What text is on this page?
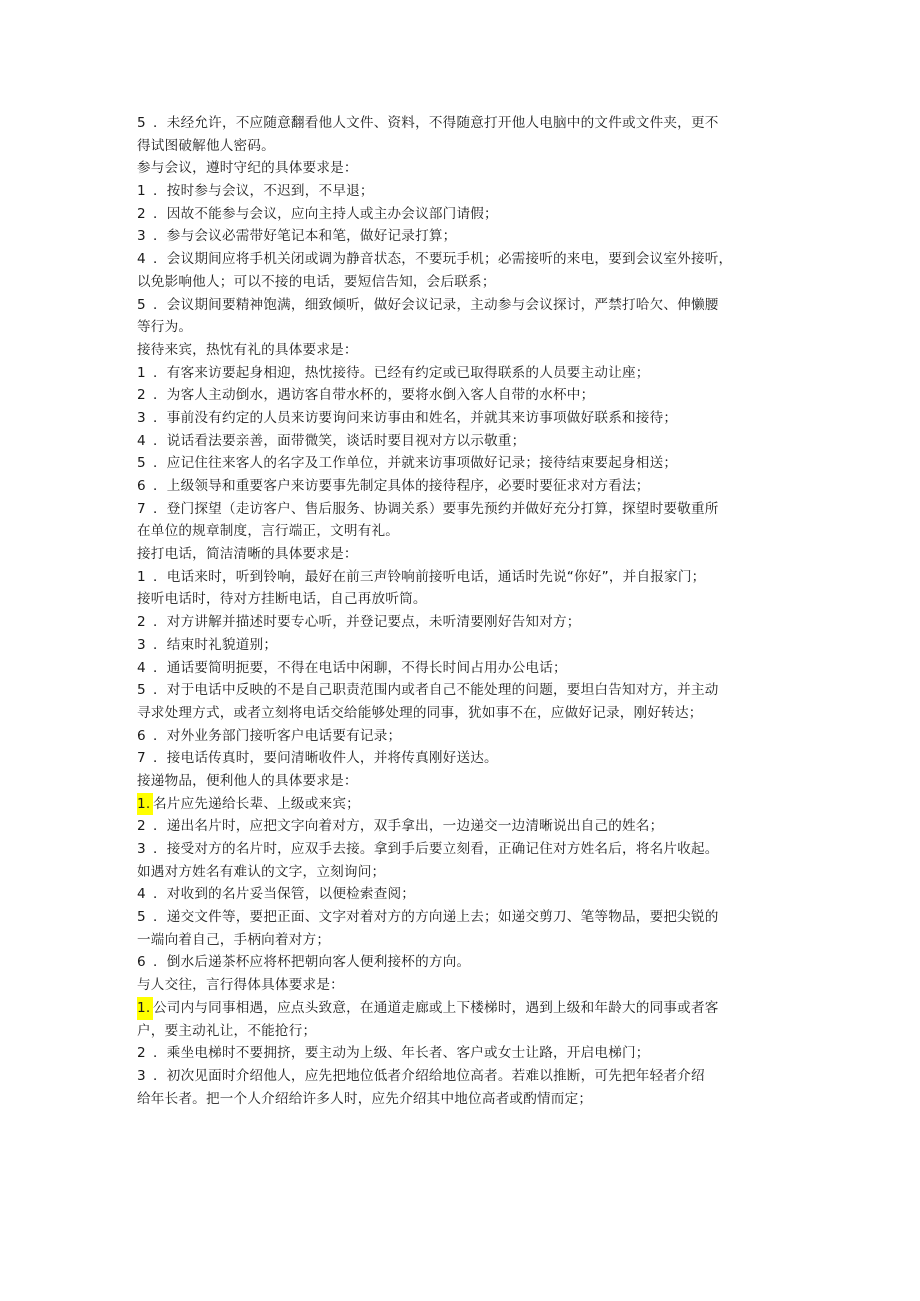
5 ．未经允许，不应随意翻看他人文件、资料，不得随意打开他人电脑中的文件或文件夹，更不
得试图破解他人密码。
参与会议，遵时守纪的具体要求是：
1 ．按时参与会议，不迟到，不早退；
2 ．因故不能参与会议，应向主持人或主办会议部门请假；
3 ．参与会议必需带好笔记本和笔，做好记录打算；
4 ．会议期间应将手机关闭或调为静音状态，不要玩手机；必需接听的来电，要到会议室外接听，
以免影响他人；可以不接的电话，要短信告知，会后联系；
5 ．会议期间要精神饱满，细致倾听，做好会议记录，主动参与会议探讨，严禁打哈欠、伸懒腰
等行为。
接待来宾，热忱有礼的具体要求是：
1 ．有客来访要起身相迎，热忱接待。已经有约定或已取得联系的人员要主动让座；
2 ．为客人主动倒水，遇访客自带水杯的，要将水倒入客人自带的水杯中；
3 ．事前没有约定的人员来访要询问来访事由和姓名，并就其来访事项做好联系和接待；
4 ．说话看法要亲善，面带微笑，谈话时要目视对方以示敬重；
5 ．应记住往来客人的名字及工作单位，并就来访事项做好记录；接待结束要起身相送；
6 ．上级领导和重要客户来访要事先制定具体的接待程序，必要时要征求对方看法；
7 ．登门探望（走访客户、售后服务、协调关系）要事先预约并做好充分打算，探望时要敬重所
在单位的规章制度，言行端正，文明有礼。
接打电话，简洁清晰的具体要求是：
1 ．电话来时，听到铃响，最好在前三声铃响前接听电话，通话时先说“你好”，并自报家门；
接听电话时，待对方挂断电话，自己再放听筒。
2 ．对方讲解并描述时要专心听，并登记要点，未听清要刚好告知对方；
3 ．结束时礼貌道别；
4 ．通话要简明扼要，不得在电话中闲聊，不得长时间占用办公电话；
5 ．对于电话中反映的不是自己职责范围内或者自己不能处理的问题，要坦白告知对方，并主动
寻求处理方式，或者立刻将电话交给能够处理的同事，犹如事不在，应做好记录，刚好转达；
6 ．对外业务部门接听客户电话要有记录；
7 ．接电话传真时，要问清晰收件人，并将传真刚好送达。
接递物品，便利他人的具体要求是：
1. 名片应先递给长辈、上级或来宾；
2 ．递出名片时，应把文字向着对方，双手拿出，一边递交一边清晰说出自己的姓名；
3 ．接受对方的名片时，应双手去接。拿到手后要立刻看，正确记住对方姓名后，将名片收起。
如遇对方姓名有难认的文字，立刻询问；
4 ．对收到的名片妥当保管，以便检索查阅；
5 ．递交文件等，要把正面、文字对着对方的方向递上去；如递交剪刀、笔等物品，要把尖锐的
一端向着自己，手柄向着对方；
6 ．倒水后递茶杯应将杯把朝向客人便利接杯的方向。
与人交往，言行得体具体要求是：
1. 公司内与同事相遇，应点头致意，在通道走廊或上下楼梯时，遇到上级和年龄大的同事或者客
户，要主动礼让，不能抢行；
2 ．乘坐电梯时不要拥挤，要主动为上级、年长者、客户或女士让路，开启电梯门；
3 ．初次见面时介绍他人，应先把地位低者介绍给地位高者。若难以推断，可先把年轻者介绍
给年长者。把一个人介绍给许多人时，应先介绍其中地位高者或酌情而定；
